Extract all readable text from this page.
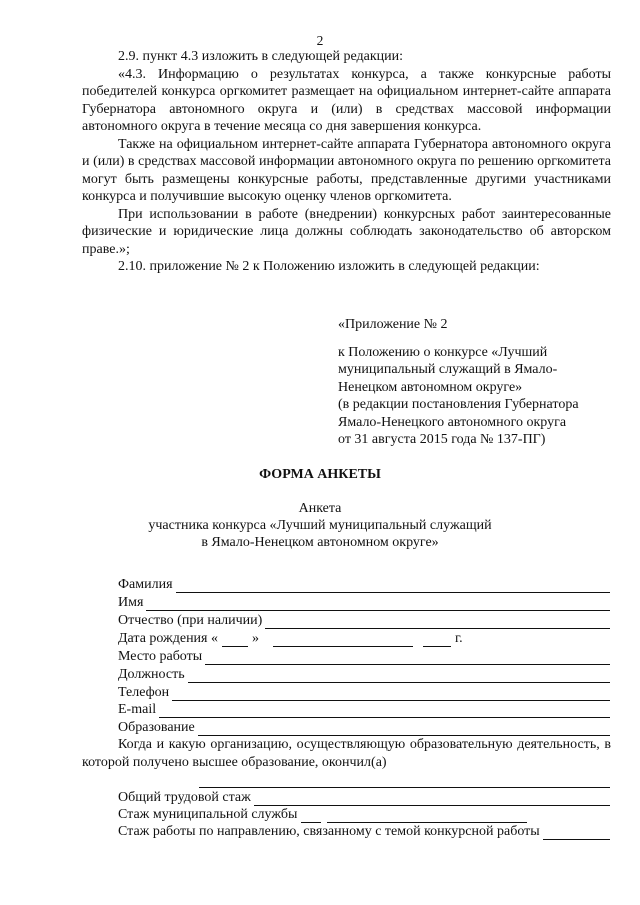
2

2.9. пункт 4.3 изложить в следующей редакции:

«4.3. Информацию о результатах конкурса, а также конкурсные работы победителей конкурса оргкомитет размещает на официальном интернет-сайте аппарата Губернатора автономного округа и (или) в средствах массовой информации автономного округа в течение месяца со дня завершения конкурса.

Также на официальном интернет-сайте аппарата Губернатора автономного округа и (или) в средствах массовой информации автономного округа по решению оргкомитета могут быть размещены конкурсные работы, представленные другими участниками конкурса и получившие высокую оценку членов оргкомитета.

При использовании в работе (внедрении) конкурсных работ заинтересованные физические и юридические лица должны соблюдать законодательство об авторском праве.»;

2.10. приложение № 2 к Положению изложить в следующей редакции:

«Приложение № 2
к Положению о конкурсе «Лучший
муниципальный служащий в Ямало-
Ненецком автономном округе»
(в редакции постановления Губернатора
Ямало-Ненецкого автономного округа
от 31 августа 2015 года № 137-ПГ)
ФОРМА АНКЕТЫ
Анкета
участника конкурса «Лучший муниципальный служащий
в Ямало-Ненецком автономном округе»
Фамилия
Имя
Отчество (при наличии)
Дата рождения « »	г.
Место работы
Должность
Телефон
E-mail
Образование

Когда и какую организацию, осуществляющую образовательную деятельность, в которой получено высшее образование, окончил(а)

Общий трудовой стаж
Стаж муниципальной службы
Стаж работы по направлению, связанному с темой конкурсной работы
